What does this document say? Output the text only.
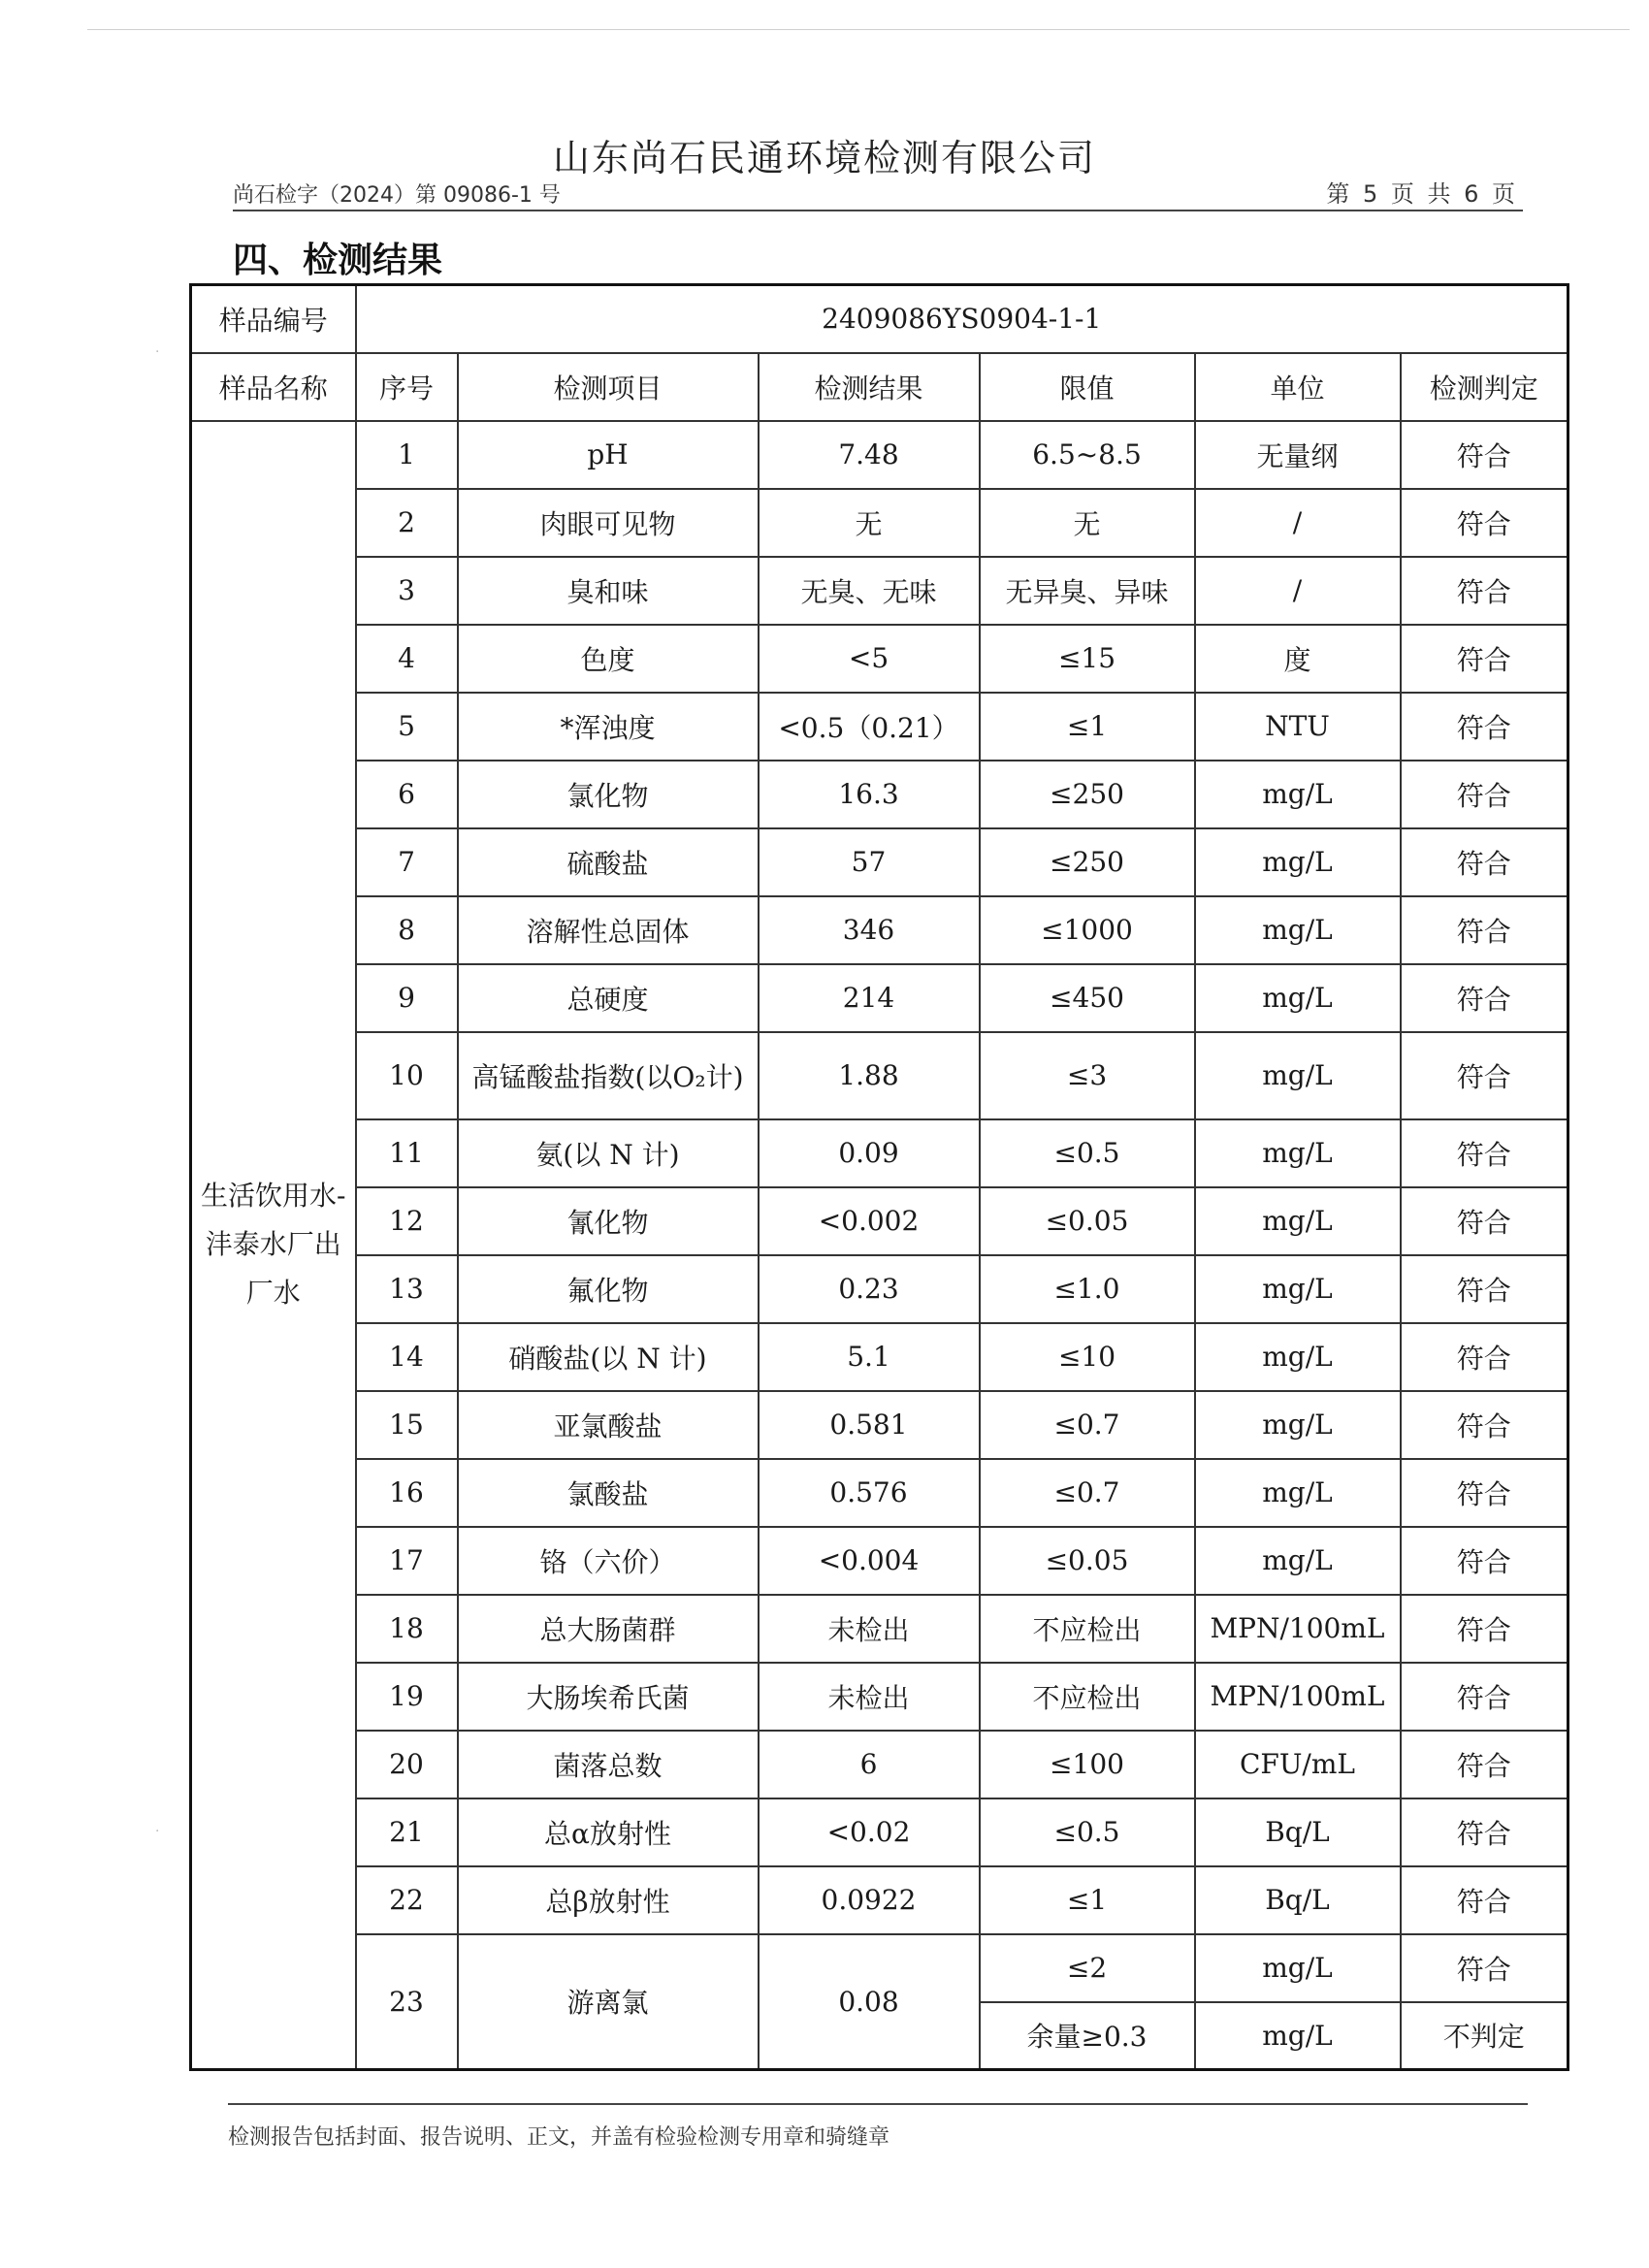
山东尚石民通环境检测有限公司
尚石检字（2024）第 09086-1 号	第 5 页 共 6 页
四、检测结果
样品编号	2409086YS0904-1-1					
样品名称	序号	检测项目	检测结果	限值	单位	检测判定
生活饮用水-沣泰水厂出厂水	1	pH	7.48	6.5~8.5	无量纲	符合
	2	肉眼可见物	无	无	/	符合
	3	臭和味	无臭、无味	无异臭、异味	/	符合
	4	色度	<5	≤15	度	符合
	5	*浑浊度	<0.5（0.21）	≤1	NTU	符合
	6	氯化物	16.3	≤250	mg/L	符合
	7	硫酸盐	57	≤250	mg/L	符合
	8	溶解性总固体	346	≤1000	mg/L	符合
	9	总硬度	214	≤450	mg/L	符合
	10	高锰酸盐指数(以O₂计)	1.88	≤3	mg/L	符合
	11	氨(以 N 计)	0.09	≤0.5	mg/L	符合
	12	氰化物	<0.002	≤0.05	mg/L	符合
	13	氟化物	0.23	≤1.0	mg/L	符合
	14	硝酸盐(以 N 计)	5.1	≤10	mg/L	符合
	15	亚氯酸盐	0.581	≤0.7	mg/L	符合
	16	氯酸盐	0.576	≤0.7	mg/L	符合
	17	铬（六价）	<0.004	≤0.05	mg/L	符合
	18	总大肠菌群	未检出	不应检出	MPN/100mL	符合
	19	大肠埃希氏菌	未检出	不应检出	MPN/100mL	符合
	20	菌落总数	6	≤100	CFU/mL	符合
	21	总α放射性	<0.02	≤0.5	Bq/L	符合
	22	总β放射性	0.0922	≤1	Bq/L	符合
	23	游离氯	0.08	≤2	mg/L	符合
				余量≥0.3	mg/L	不判定
·
·
检测报告包括封面、报告说明、正文，并盖有检验检测专用章和骑缝章
